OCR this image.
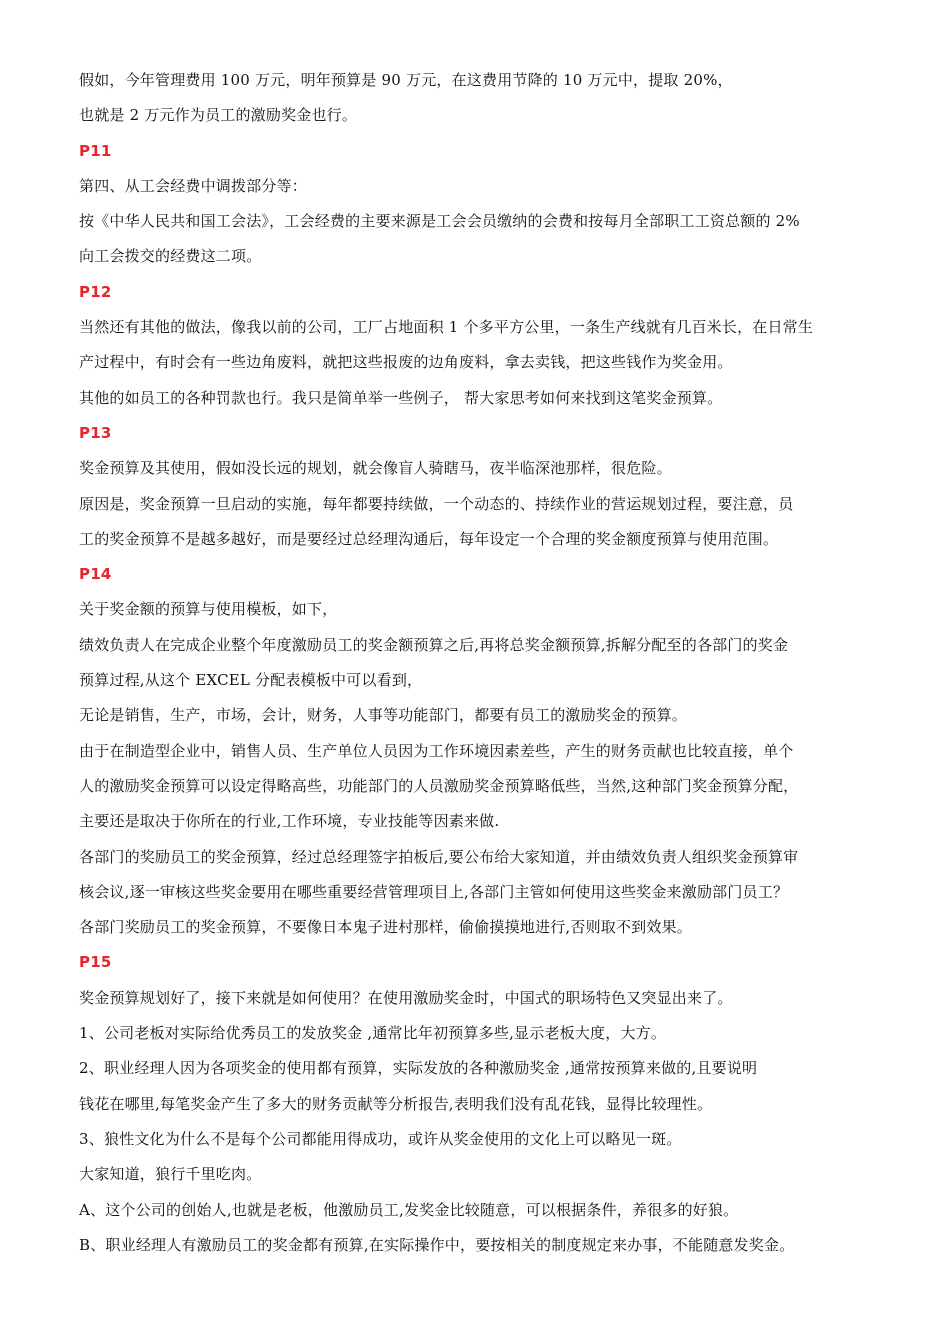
假如，今年管理费用 100 万元，明年预算是 90 万元，在这费用节降的 10 万元中，提取 20%，
也就是 2 万元作为员工的激励奖金也行。
P11
第四、从工会经费中调拨部分等：
按《中华人民共和国工会法》，工会经费的主要来源是工会会员缴纳的会费和按每月全部职工工资总额的 2%
向工会拨交的经费这二项。
P12
当然还有其他的做法，像我以前的公司，工厂占地面积 1 个多平方公里，一条生产线就有几百米长，在日常生
产过程中，有时会有一些边角废料，就把这些报废的边角废料，拿去卖钱，把这些钱作为奖金用。
其他的如员工的各种罚款也行。我只是简单举一些例子， 帮大家思考如何来找到这笔奖金预算。
P13
奖金预算及其使用，假如没长远的规划，就会像盲人骑瞎马，夜半临深池那样，很危险。
原因是，奖金预算一旦启动的实施，每年都要持续做，一个动态的、持续作业的营运规划过程，要注意，员
工的奖金预算不是越多越好，而是要经过总经理沟通后，每年设定一个合理的奖金额度预算与使用范围。
P14
关于奖金额的预算与使用模板，如下，
绩效负责人在完成企业整个年度激励员工的奖金额预算之后,再将总奖金额预算,拆解分配至的各部门的奖金
预算过程,从这个 EXCEL 分配表模板中可以看到，
无论是销售，生产，市场，会计，财务，人事等功能部门，都要有员工的激励奖金的预算。
由于在制造型企业中，销售人员、生产单位人员因为工作环境因素差些，产生的财务贡献也比较直接，单个
人的激励奖金预算可以设定得略高些，功能部门的人员激励奖金预算略低些，当然,这种部门奖金预算分配，
主要还是取决于你所在的行业,工作环境，专业技能等因素来做.
各部门的奖励员工的奖金预算，经过总经理签字拍板后,要公布给大家知道，并由绩效负责人组织奖金预算审
核会议,逐一审核这些奖金要用在哪些重要经营管理项目上,各部门主管如何使用这些奖金来激励部门员工？
各部门奖励员工的奖金预算，不要像日本鬼子进村那样，偷偷摸摸地进行,否则取不到效果。
P15
奖金预算规划好了，接下来就是如何使用？在使用激励奖金时，中国式的职场特色又突显出来了。
1、公司老板对实际给优秀员工的发放奖金 ,通常比年初预算多些,显示老板大度，大方。
2、职业经理人因为各项奖金的使用都有预算，实际发放的各种激励奖金 ,通常按预算来做的,且要说明
钱花在哪里,每笔奖金产生了多大的财务贡献等分析报告,表明我们没有乱花钱，显得比较理性。
3、狼性文化为什么不是每个公司都能用得成功，或许从奖金使用的文化上可以略见一斑。
大家知道，狼行千里吃肉。
A、这个公司的创始人,也就是老板，他激励员工,发奖金比较随意，可以根据条件，养很多的好狼。
B、职业经理人有激励员工的奖金都有预算,在实际操作中，要按相关的制度规定来办事，不能随意发奖金。
